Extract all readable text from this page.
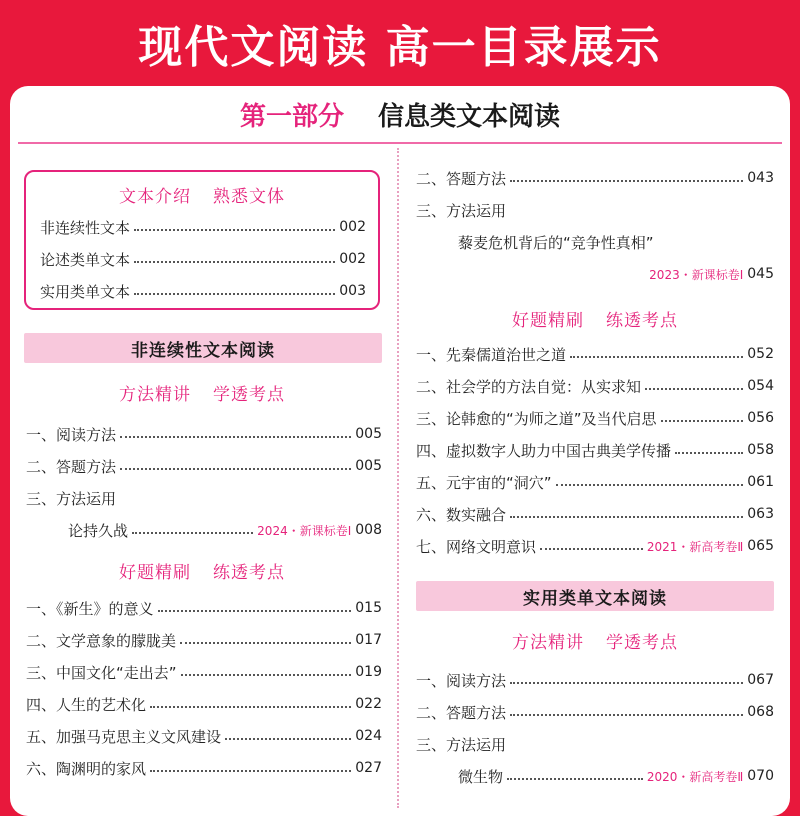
现代文阅读 高一目录展示
第一部分 信息类文本阅读
文本介绍 熟悉文体
非连续性文本	002
论述类单文本	002
实用类单文本	003
非连续性文本阅读
方法精讲 学透考点
一、阅读方法	005
二、答题方法	005
三、方法运用
论持久战	2024・新课标卷Ⅰ 008
好题精刷 练透考点
一、《新生》的意义	015
二、文学意象的朦胧美	017
三、中国文化“走出去”	019
四、人生的艺术化	022
五、加强马克思主义文风建设	024
六、陶渊明的家风	027
二、答题方法	043
三、方法运用
藜麦危机背后的“竞争性真相”
2023・新课标卷Ⅰ 045
好题精刷 练透考点
一、先秦儒道治世之道	052
二、社会学的方法自觉：从实求知	054
三、论韩愈的“为师之道”及当代启思	056
四、虚拟数字人助力中国古典美学传播	058
五、元宇宙的“洞穴”	061
六、数实融合	063
七、网络文明意识	2021・新高考卷Ⅱ 065
实用类单文本阅读
方法精讲 学透考点
一、阅读方法	067
二、答题方法	068
三、方法运用
微生物	2020・新高考卷Ⅱ 070
